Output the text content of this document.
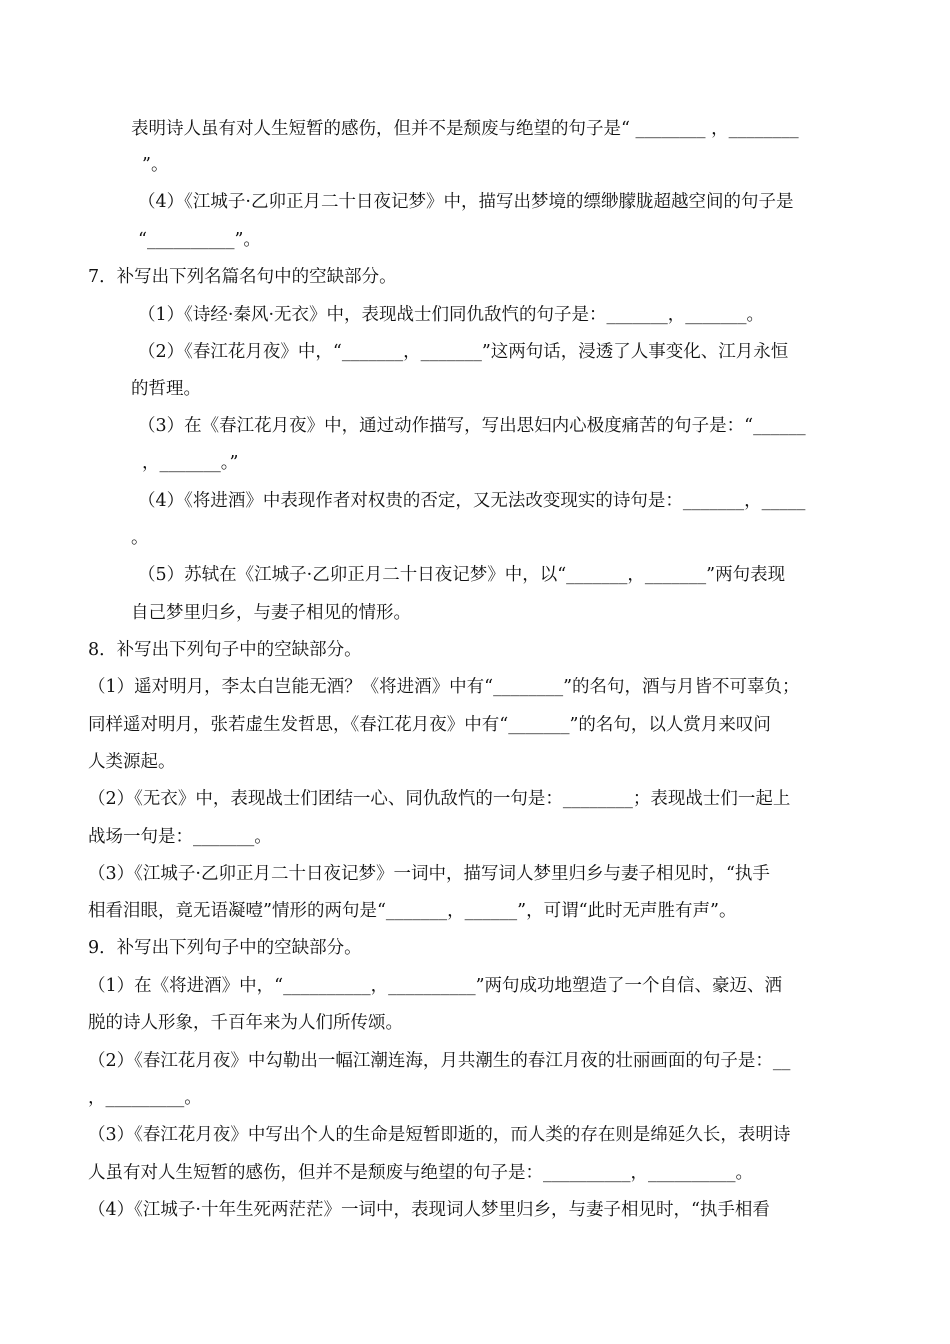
表明诗人虽有对人生短暂的感伤，但并不是颓废与绝望的句子是“ ________ ，________
”。
（4）《江城子·乙卯正月二十日夜记梦》中，描写出梦境的缥缈朦胧超越空间的句子是
“__________”。
7．补写出下列名篇名句中的空缺部分。
（1）《诗经·秦风·无衣》中，表现战士们同仇敌忾的句子是：_______，_______。
（2）《春江花月夜》中，“_______，_______”这两句话，浸透了人事变化、江月永恒
的哲理。
（3）在《春江花月夜》中，通过动作描写，写出思妇内心极度痛苦的句子是：“______
，_______。”
（4）《将进酒》中表现作者对权贵的否定，又无法改变现实的诗句是：_______，_____
。
（5）苏轼在《江城子·乙卯正月二十日夜记梦》中，以“_______，_______”两句表现
自己梦里归乡，与妻子相见的情形。
8．补写出下列句子中的空缺部分。
（1）遥对明月，李太白岂能无酒？《将进酒》中有“________”的名句，酒与月皆不可辜负；
同样遥对明月，张若虚生发哲思，《春江花月夜》中有“_______”的名句，以人赏月来叹问
人类源起。
（2）《无衣》中，表现战士们团结一心、同仇敌忾的一句是：________；表现战士们一起上
战场一句是：_______。
（3）《江城子·乙卯正月二十日夜记梦》一词中，描写词人梦里归乡与妻子相见时，“执手
相看泪眼，竟无语凝噎”情形的两句是“_______，______”，可谓“此时无声胜有声”。
9．补写出下列句子中的空缺部分。
（1）在《将进酒》中，“__________，__________”两句成功地塑造了一个自信、豪迈、洒
脱的诗人形象，千百年来为人们所传颂。
（2）《春江花月夜》中勾勒出一幅江潮连海，月共潮生的春江月夜的壮丽画面的句子是：__
，_________。
（3）《春江花月夜》中写出个人的生命是短暂即逝的，而人类的存在则是绵延久长，表明诗
人虽有对人生短暂的感伤，但并不是颓废与绝望的句子是：__________，__________。
（4）《江城子·十年生死两茫茫》一词中，表现词人梦里归乡，与妻子相见时，“执手相看
